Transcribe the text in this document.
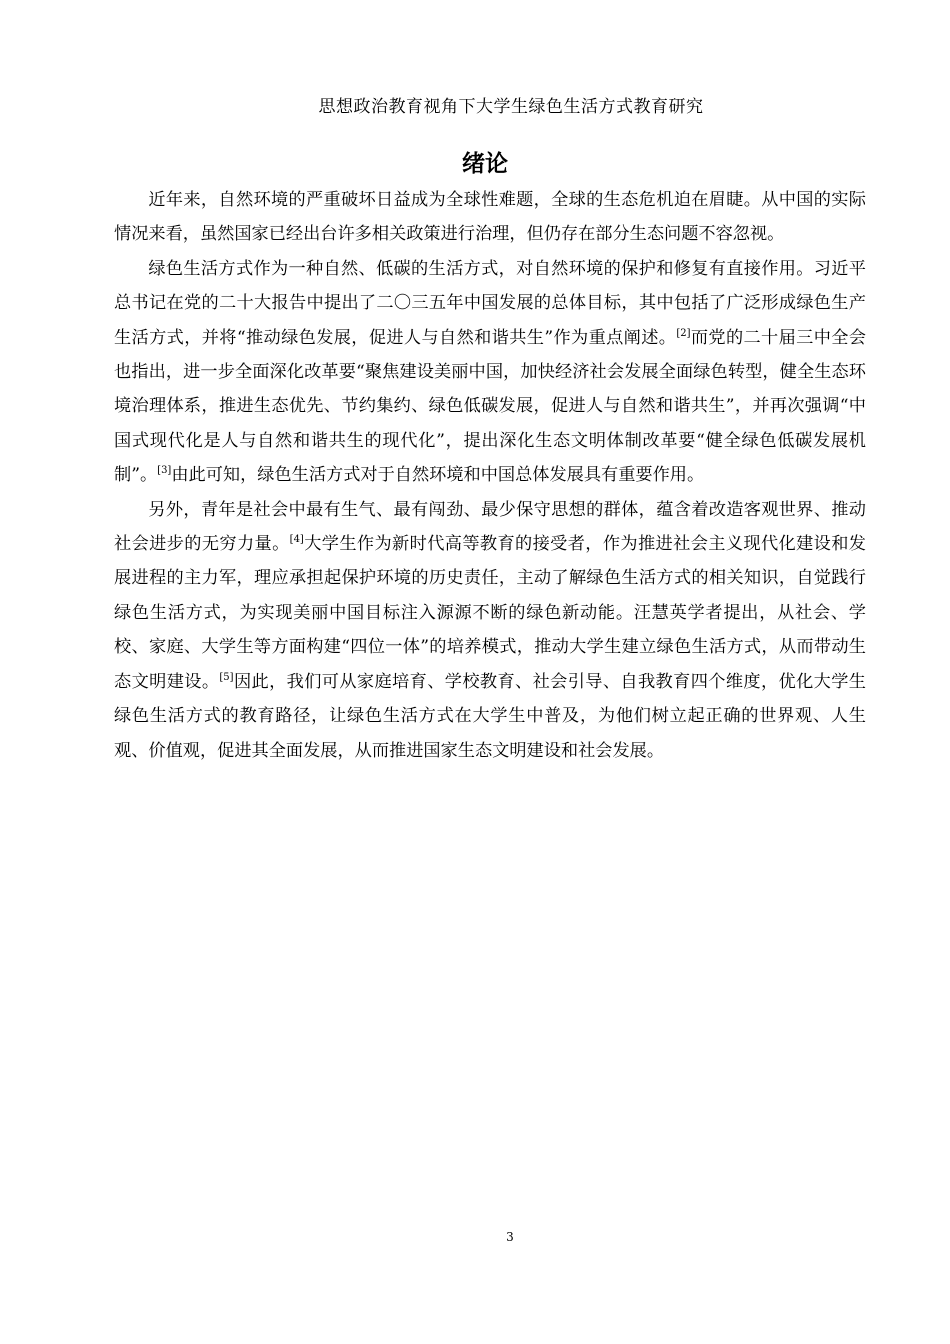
思想政治教育视角下大学生绿色生活方式教育研究
绪论

近年来，自然环境的严重破坏日益成为全球性难题，全球的生态危机迫在眉睫。从中国的实际情况来看，虽然国家已经出台许多相关政策进行治理，但仍存在部分生态问题不容忽视。

绿色生活方式作为一种自然、低碳的生活方式，对自然环境的保护和修复有直接作用。习近平总书记在党的二十大报告中提出了二〇三五年中国发展的总体目标，其中包括了广泛形成绿色生产生活方式，并将“推动绿色发展，促进人与自然和谐共生”作为重点阐述。[2]而党的二十届三中全会也指出，进一步全面深化改革要“聚焦建设美丽中国，加快经济社会发展全面绿色转型，健全生态环境治理体系，推进生态优先、节约集约、绿色低碳发展，促进人与自然和谐共生”，并再次强调“中国式现代化是人与自然和谐共生的现代化”，提出深化生态文明体制改革要“健全绿色低碳发展机制”。[3]由此可知，绿色生活方式对于自然环境和中国总体发展具有重要作用。

另外，青年是社会中最有生气、最有闯劲、最少保守思想的群体，蕴含着改造客观世界、推动社会进步的无穷力量。[4]大学生作为新时代高等教育的接受者，作为推进社会主义现代化建设和发展进程的主力军，理应承担起保护环境的历史责任，主动了解绿色生活方式的相关知识，自觉践行绿色生活方式，为实现美丽中国目标注入源源不断的绿色新动能。汪慧英学者提出，从社会、学校、家庭、大学生等方面构建“四位一体”的培养模式，推动大学生建立绿色生活方式，从而带动生态文明建设。[5]因此，我们可从家庭培育、学校教育、社会引导、自我教育四个维度，优化大学生绿色生活方式的教育路径，让绿色生活方式在大学生中普及，为他们树立起正确的世界观、人生观、价值观，促进其全面发展，从而推进国家生态文明建设和社会发展。

3
